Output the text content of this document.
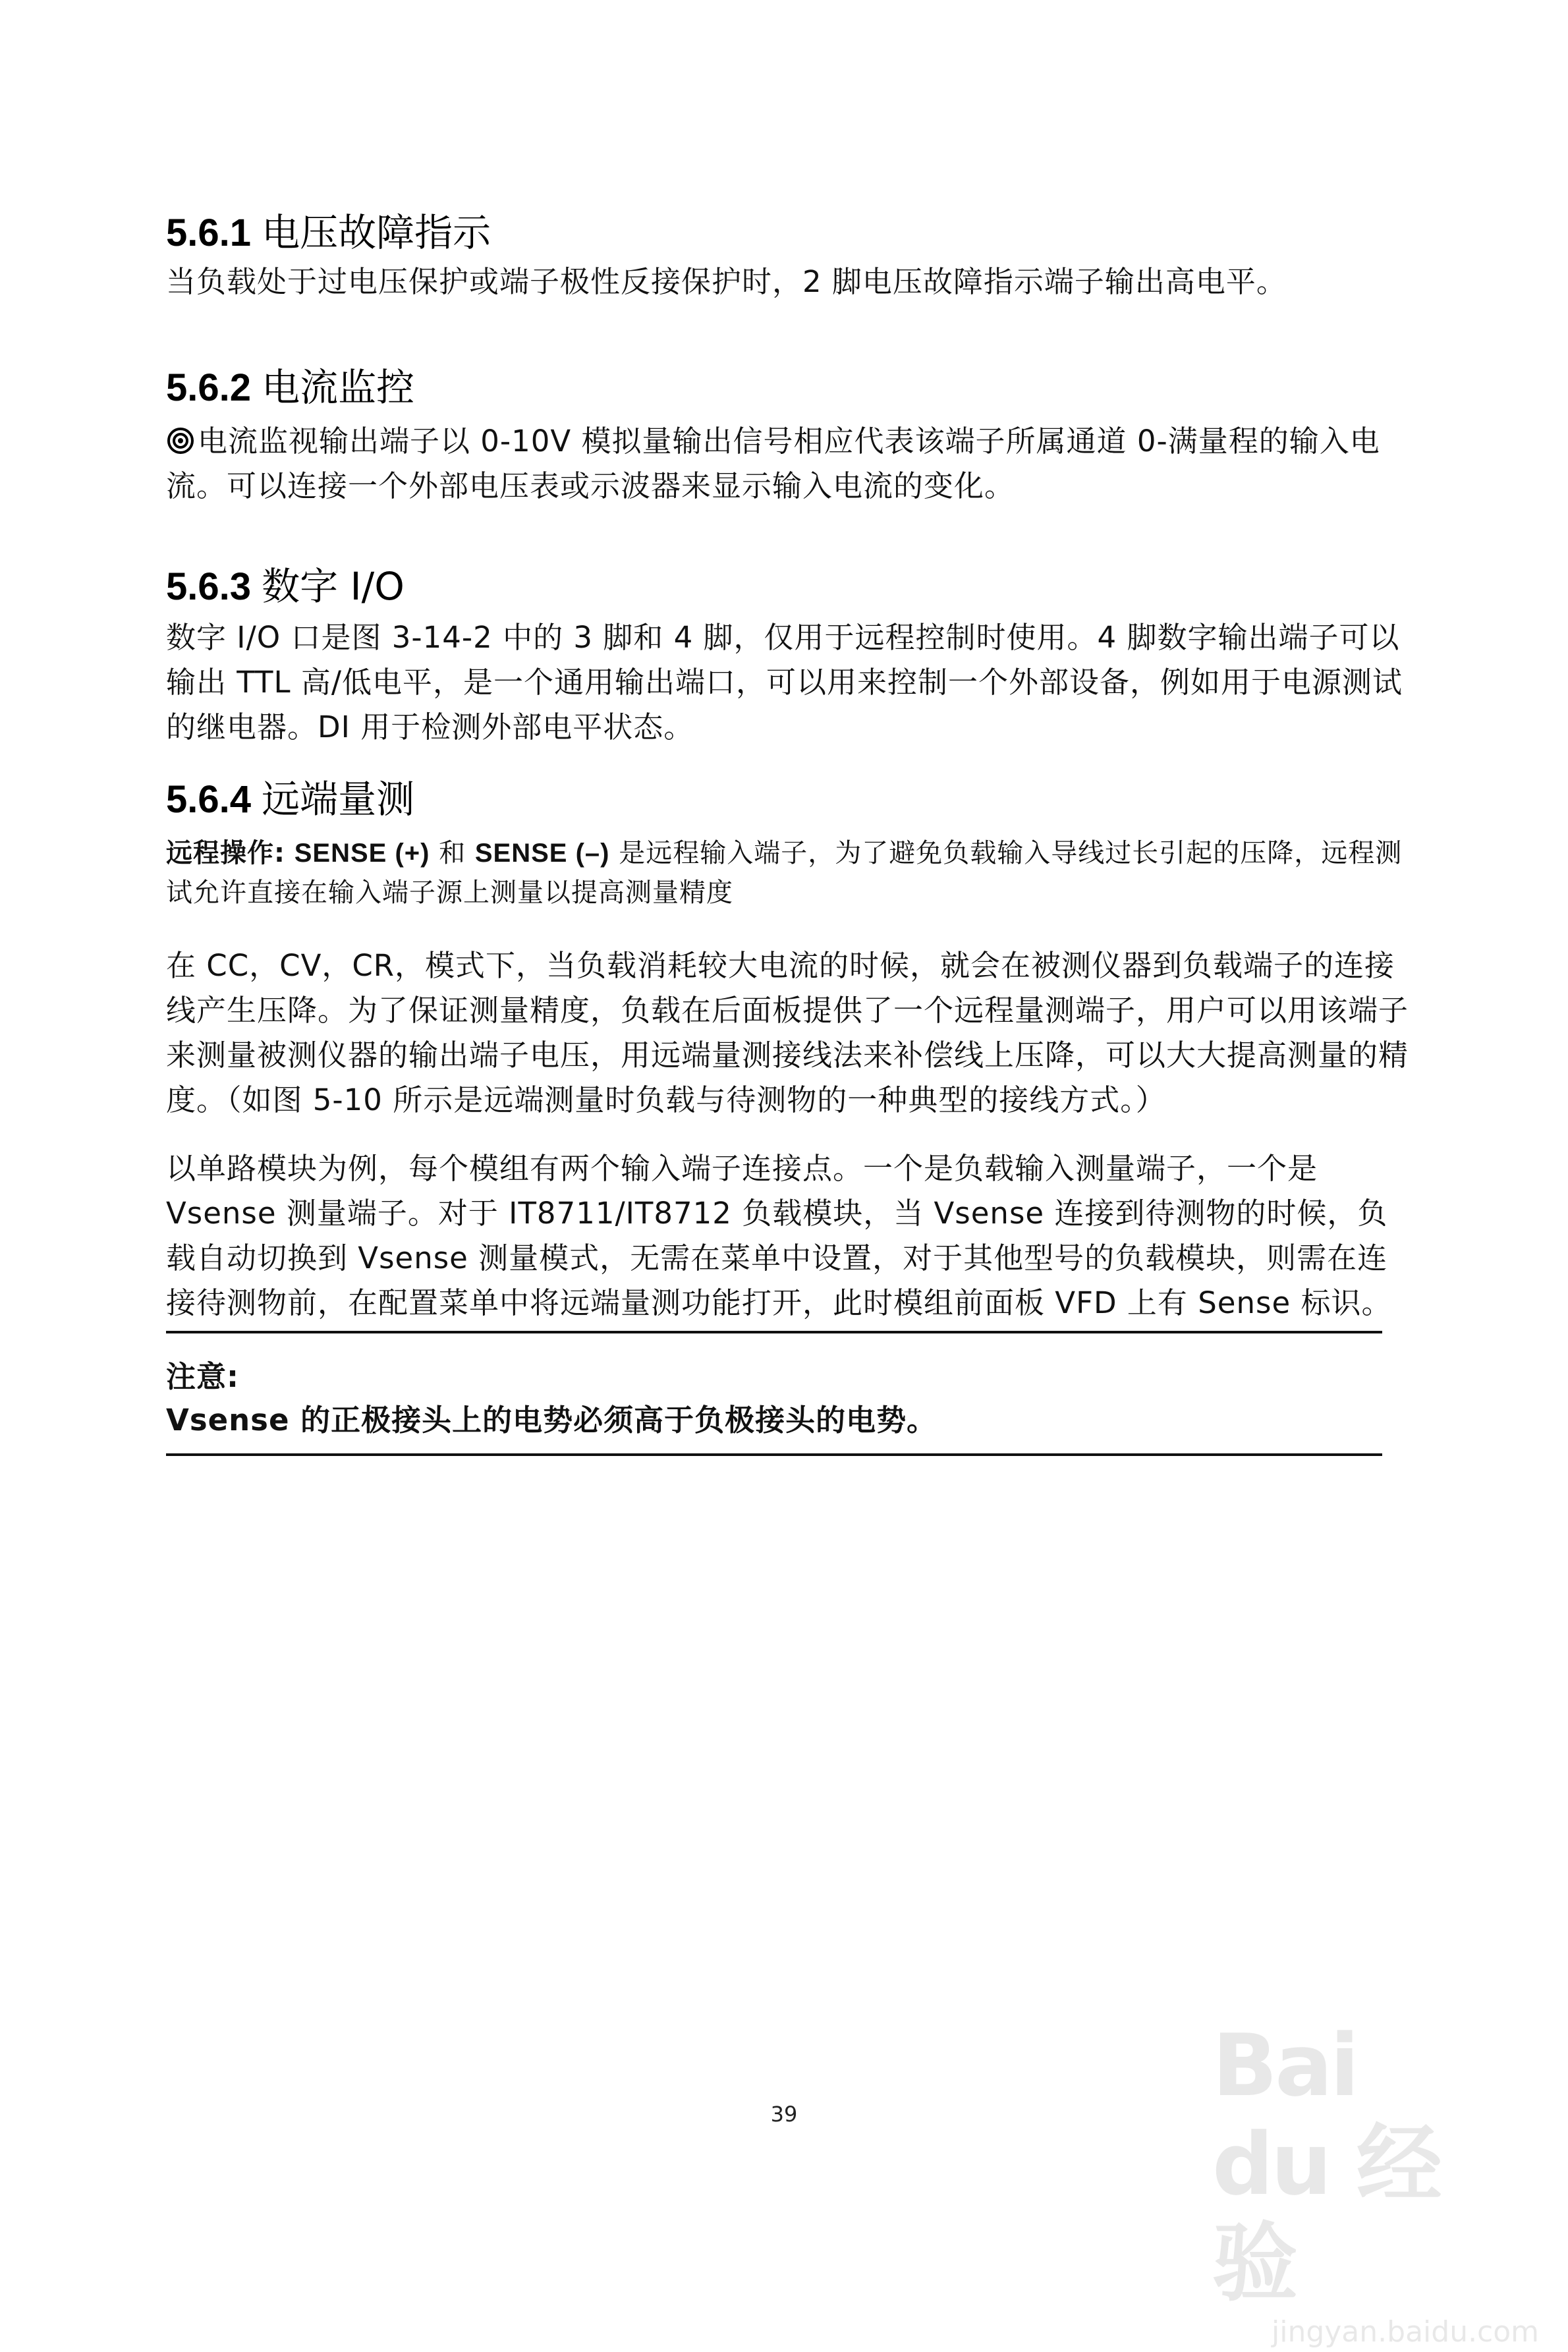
5.6.1 电压故障指示
当负载处于过电压保护或端子极性反接保护时，2 脚电压故障指示端子输出高电平。
5.6.2 电流监控
电流监视输出端子以 0-10V 模拟量输出信号相应代表该端子所属通道 0-满量程的输入电流。可以连接一个外部电压表或示波器来显示输入电流的变化。
5.6.3 数字 I/O
数字 I/O 口是图 3-14-2 中的 3 脚和 4 脚，仅用于远程控制时使用。4 脚数字输出端子可以输出 TTL 高/低电平，是一个通用输出端口，可以用来控制一个外部设备，例如用于电源测试的继电器。DI 用于检测外部电平状态。
5.6.4 远端量测
远程操作: SENSE (+) 和 SENSE (–) 是远程输入端子，为了避免负载输入导线过长引起的压降，远程测试允许直接在输入端子源上测量以提高测量精度
在 CC，CV，CR，模式下，当负载消耗较大电流的时候，就会在被测仪器到负载端子的连接线产生压降。为了保证测量精度，负载在后面板提供了一个远程量测端子，用户可以用该端子来测量被测仪器的输出端子电压，用远端量测接线法来补偿线上压降，可以大大提高测量的精度。（如图 5-10 所示是远端测量时负载与待测物的一种典型的接线方式。）
以单路模块为例，每个模组有两个输入端子连接点。一个是负载输入测量端子，一个是 Vsense 测量端子。对于 IT8711/IT8712 负载模块，当 Vsense 连接到待测物的时候，负载自动切换到 Vsense 测量模式，无需在菜单中设置，对于其他型号的负载模块，则需在连接待测物前，在配置菜单中将远端量测功能打开，此时模组前面板 VFD 上有 Sense 标识。
注意:
Vsense 的正极接头上的电势必须高于负极接头的电势。
39	Bai du 经验
jingyan.baidu.com
